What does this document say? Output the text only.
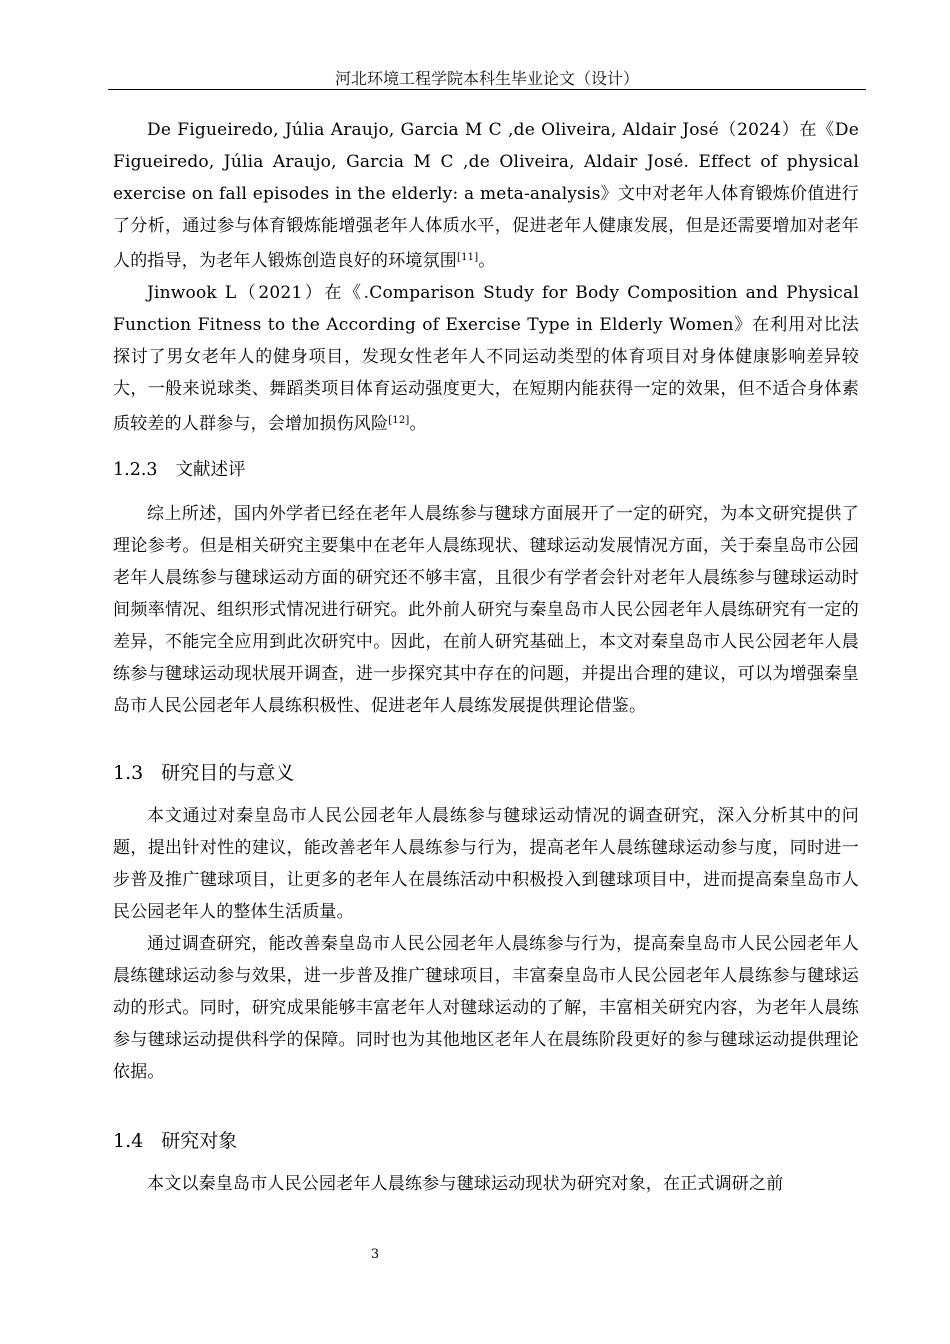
河北环境工程学院本科生毕业论文（设计）

De Figueiredo, Júlia Araujo, Garcia M C ,de Oliveira, Aldair José（2024）在《De Figueiredo, Júlia Araujo, Garcia M C ,de Oliveira, Aldair José. Effect of physical exercise on fall episodes in the elderly: a meta-analysis》文中对老年人体育锻炼价值进行了分析，通过参与体育锻炼能增强老年人体质水平，促进老年人健康发展，但是还需要增加对老年人的指导，为老年人锻炼创造良好的环境氛围[11]。

Jinwook L（2021）在《.Comparison Study for Body Composition and Physical Function Fitness to the According of Exercise Type in Elderly Women》在利用对比法探讨了男女老年人的健身项目，发现女性老年人不同运动类型的体育项目对身体健康影响差异较大，一般来说球类、舞蹈类项目体育运动强度更大，在短期内能获得一定的效果，但不适合身体素质较差的人群参与，会增加损伤风险[12]。

1.2.3 文献述评

综上所述，国内外学者已经在老年人晨练参与毽球方面展开了一定的研究，为本文研究提供了理论参考。但是相关研究主要集中在老年人晨练现状、毽球运动发展情况方面，关于秦皇岛市公园老年人晨练参与毽球运动方面的研究还不够丰富，且很少有学者会针对老年人晨练参与毽球运动时间频率情况、组织形式情况进行研究。此外前人研究与秦皇岛市人民公园老年人晨练研究有一定的差异，不能完全应用到此次研究中。因此，在前人研究基础上，本文对秦皇岛市人民公园老年人晨练参与毽球运动现状展开调查，进一步探究其中存在的问题，并提出合理的建议，可以为增强秦皇岛市人民公园老年人晨练积极性、促进老年人晨练发展提供理论借鉴。

1.3 研究目的与意义

本文通过对秦皇岛市人民公园老年人晨练参与毽球运动情况的调查研究，深入分析其中的问题，提出针对性的建议，能改善老年人晨练参与行为，提高老年人晨练毽球运动参与度，同时进一步普及推广毽球项目，让更多的老年人在晨练活动中积极投入到毽球项目中，进而提高秦皇岛市人民公园老年人的整体生活质量。

通过调查研究，能改善秦皇岛市人民公园老年人晨练参与行为，提高秦皇岛市人民公园老年人晨练毽球运动参与效果，进一步普及推广毽球项目，丰富秦皇岛市人民公园老年人晨练参与毽球运动的形式。同时，研究成果能够丰富老年人对毽球运动的了解，丰富相关研究内容，为老年人晨练参与毽球运动提供科学的保障。同时也为其他地区老年人在晨练阶段更好的参与毽球运动提供理论依据。

1.4 研究对象

本文以秦皇岛市人民公园老年人晨练参与毽球运动现状为研究对象，在正式调研之前

3
